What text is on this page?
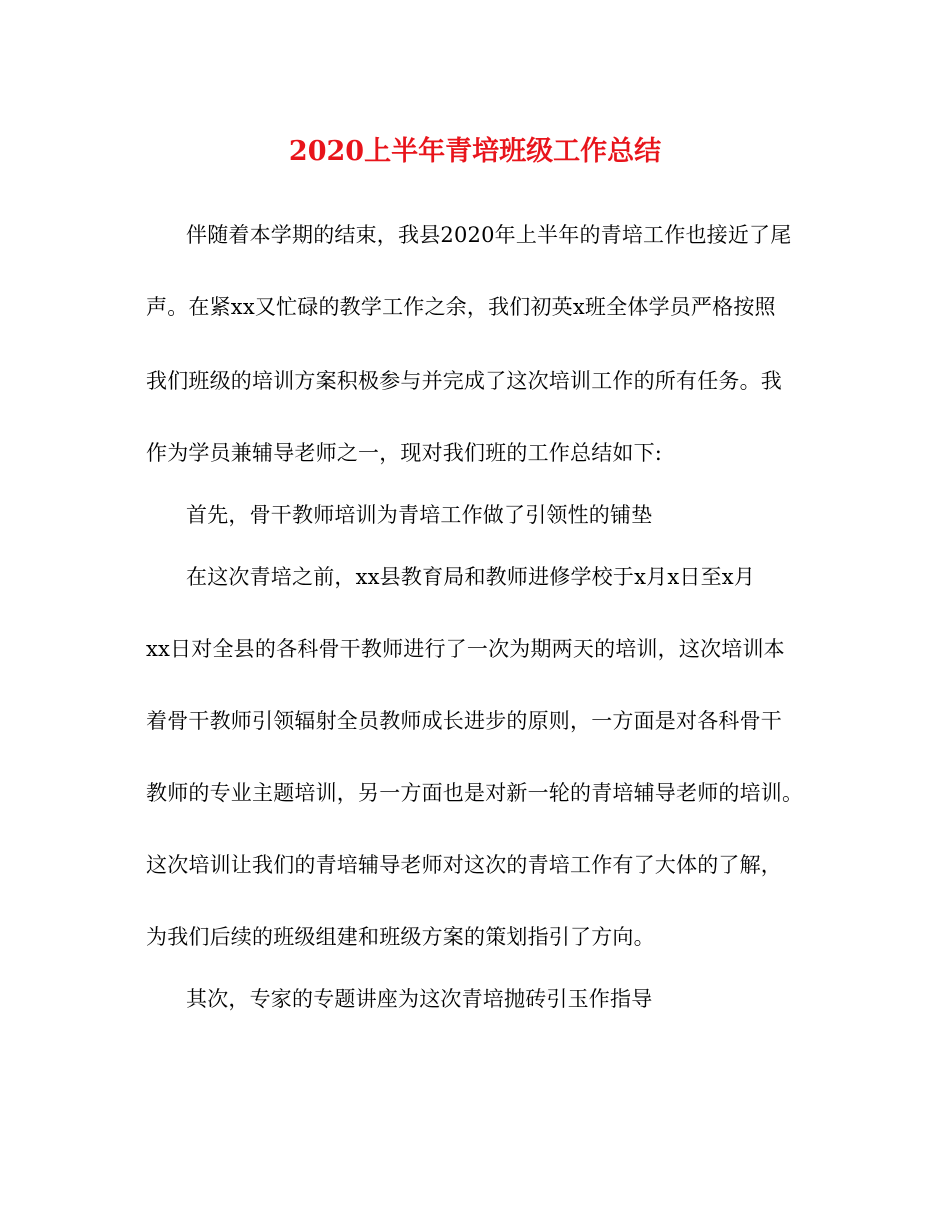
2020上半年青培班级工作总结
伴随着本学期的结束，我县2020年上半年的青培工作也接近了尾
声。在紧xx又忙碌的教学工作之余，我们初英x班全体学员严格按照
我们班级的培训方案积极参与并完成了这次培训工作的所有任务。我
作为学员兼辅导老师之一，现对我们班的工作总结如下:
首先，骨干教师培训为青培工作做了引领性的铺垫
在这次青培之前，xx县教育局和教师进修学校于x月x日至x月
xx日对全县的各科骨干教师进行了一次为期两天的培训，这次培训本
着骨干教师引领辐射全员教师成长进步的原则，一方面是对各科骨干
教师的专业主题培训，另一方面也是对新一轮的青培辅导老师的培训。
这次培训让我们的青培辅导老师对这次的青培工作有了大体的了解，
为我们后续的班级组建和班级方案的策划指引了方向。
其次，专家的专题讲座为这次青培抛砖引玉作指导
